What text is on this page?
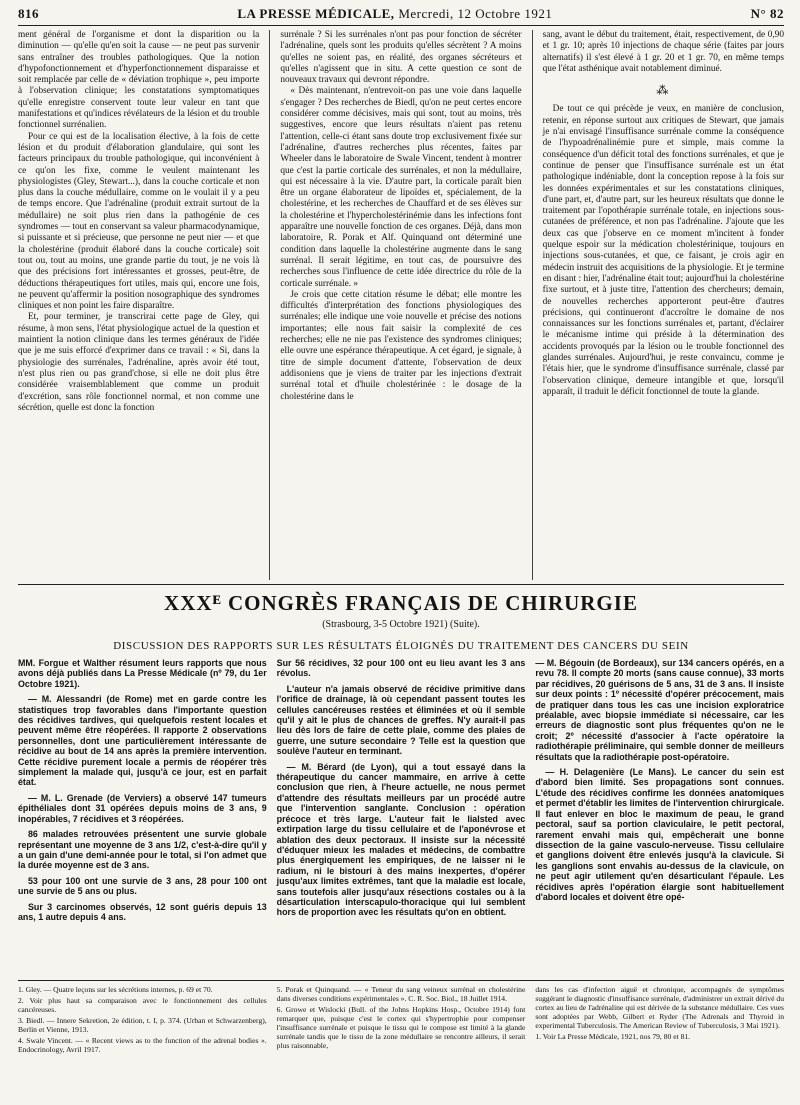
816	LA PRESSE MÉDICALE, Mercredi, 12 Octobre 1921	N° 82

ment général de l'organisme et dont la disparition ou la diminution — qu'elle qu'en soit la cause — ne peut pas survenir sans entraîner des troubles pathologiques. Que la notion d'hypofonctionnement et d'hyperfonctionnement disparaisse et soit remplacée par celle de « déviation trophique », peu importe à l'observation clinique; les constatations symptomatiques qu'elle enregistre conservent toute leur valeur en tant que manifestations et qu'indices révélateurs de la lésion et du trouble fonctionnel surrénalien.

Pour ce qui est de la localisation élective, à la fois de cette lésion et du produit d'élaboration glandulaire, qui sont les facteurs principaux du trouble pathologique, qui inconvénient à ce qu'on les fixe, comme le veulent maintenant les physiologistes (Gley, Stewart...), dans la couche corticale et non plus dans la couche médullaire, comme on le voulait il y a peu de temps encore. Que l'adrénaline (produit extrait surtout de la médullaire) ne soit plus rien dans la pathogénie de ces syndromes — tout en conservant sa valeur pharmacodynamique, si puissante et si précieuse, que personne ne peut nier — et que la cholestérine (produit élaboré dans la couche corticale) soit tout ou, tout au moins, une grande partie du tout, je ne vois là que des précisions fort intéressantes et grosses, peut-être, de déductions thérapeutiques fort utiles, mais qui, encore une fois, ne peuvent qu'affermir la position nosographique des syndromes cliniques et non point les faire disparaître.

Et, pour terminer, je transcrirai cette page de Gley, qui résume, à mon sens, l'état physiologique actuel de la question et maintient la notion clinique dans les termes généraux de l'idée que je me suis efforcé d'exprimer dans ce travail : « Si, dans la physiologie des surrénales, l'adrénaline, après avoir été tout, n'est plus rien ou pas grand'chose, si elle ne doit plus être considérée vraisemblablement que comme un produit d'excrétion, sans rôle fonctionnel normal, et non comme une sécrétion, quelle est donc la fonction

surrénale ? Si les surrénales n'ont pas pour fonction de sécréter l'adrénaline, quels sont les produits qu'elles sécrètent ? A moins qu'elles ne soient pas, en réalité, des organes sécréteurs et qu'elles n'agissent que in situ. A cette question ce sont de nouveaux travaux qui devront répondre.

« Dès maintenant, n'entrevoit-on pas une voie dans laquelle s'engager ? Des recherches de Biedl, qu'on ne peut certes encore considérer comme décisives, mais qui sont, tout au moins, très suggestives, encore que leurs résultats n'aient pas retenu l'attention, celle-ci étant sans doute trop exclusivement fixée sur l'adrénaline, d'autres recherches plus récentes, faites par Wheeler dans le laboratoire de Swale Vincent, tendent à montrer que c'est la partie corticale des surrénales, et non la médullaire, qui est nécessaire à la vie. D'autre part, la corticale paraît bien être un organe élaborateur de lipoïdes et, spécialement, de la cholestérine, et les recherches de Chauffard et de ses élèves sur la cholestérine et l'hypercholestérinémie dans les infections font apparaître une nouvelle fonction de ces organes. Déjà, dans mon laboratoire, R. Porak et Alf. Quinquand ont déterminé une condition dans laquelle la cholestérine augmente dans le sang surrénal. Il serait légitime, en tout cas, de poursuivre des recherches sous l'influence de cette idée directrice du rôle de la corticale surrénale. »

Je crois que cette citation résume le débat; elle montre les difficultés d'interprétation des fonctions physiologiques des surrénales; elle indique une voie nouvelle et précise des notions importantes; elle nous fait saisir la complexité de ces recherches; elle ne nie pas l'existence des syndromes cliniques; elle ouvre une espérance thérapeutique. A cet égard, je signale, à titre de simple document d'attente, l'observation de deux addisoniens que je viens de traiter par les injections d'extrait surrénal total et d'huile cholestérinée : le dosage de la cholestérine dans le

sang, avant le début du traitement, était, respectivement, de 0,90 et 1 gr. 10; après 10 injections de chaque série (faites par jours alternatifs) il s'est élevé à 1 gr. 20 et 1 gr. 70, en même temps que l'état asthénique avait notablement diminué.

⁂

De tout ce qui précède je veux, en manière de conclusion, retenir, en réponse surtout aux critiques de Stewart, que jamais je n'ai envisagé l'insuffisance surrénale comme la conséquence de l'hypoadrénalinémie pure et simple, mais comme la conséquence d'un déficit total des fonctions surrénales, et que je continue de penser que l'insuffisance surrénale est un état pathologique indéniable, dont la conception repose à la fois sur les données expérimentales et sur les constatations cliniques, d'une part, et, d'autre part, sur les heureux résultats que donne le traitement par l'opothérapie surrénale totale, en injections sous-cutanées de préférence, et non pas l'adrénaline. J'ajoute que les deux cas que j'observe en ce moment m'incitent à fonder quelque espoir sur la médication cholestérinique, toujours en injections sous-cutanées, et que, ce faisant, je crois agir en médecin instruit des acquisitions de la physiologie. Et je termine en disant : hier, l'adrénaline était tout; aujourd'hui la cholestérine fixe surtout, et à juste titre, l'attention des chercheurs; demain, de nouvelles recherches apporteront peut-être d'autres précisions, qui continueront d'accroître le domaine de nos connaissances sur les fonctions surrénales et, partant, d'éclairer le mécanisme intime qui préside à la détermination des accidents provoqués par la lésion ou le trouble fonctionnel des glandes surrénales. Aujourd'hui, je reste convaincu, comme je l'étais hier, que le syndrome d'insuffisance surrénale, classé par l'observation clinique, demeure intangible et que, lorsqu'il apparaît, il traduit le déficit fonctionnel de toute la glande.

XXXᴱ CONGRÈS FRANÇAIS DE CHIRURGIE
(Strasbourg, 3-5 Octobre 1921) (Suite).
DISCUSSION DES RAPPORTS SUR LES RÉSULTATS ÉLOIGNÉS DU TRAITEMENT DES CANCERS DU SEIN

MM. Forgue et Walther résument leurs rapports que nous avons déjà publiés dans La Presse Médicale (nº 79, du 1er Octobre 1921).

— M. Alessandri (de Rome) met en garde contre les statistiques trop favorables dans l'importante question des récidives tardives, qui quelquefois restent locales et peuvent même être réopérées. Il rapporte 2 observations personnelles, dont une particulièrement intéressante de récidive au bout de 14 ans après la première intervention. Cette récidive purement locale a permis de réopérer très simplement la malade qui, jusqu'à ce jour, est en parfait état.

— M. L. Grenade (de Verviers) a observé 147 tumeurs épithéliales dont 31 opérées depuis moins de 3 ans, 9 inopérables, 7 récidives et 3 réopérées.

86 malades retrouvées présentent une survie globale représentant une moyenne de 3 ans 1/2, c'est-à-dire qu'il y a un gain d'une demi-année pour le total, si l'on admet que la durée moyenne est de 3 ans.

53 pour 100 ont une survie de 3 ans, 28 pour 100 ont une survie de 5 ans ou plus.

Sur 3 carcinomes observés, 12 sont guéris depuis 13 ans, 1 autre depuis 4 ans.

Sur 56 récidives, 32 pour 100 ont eu lieu avant les 3 ans révolus.

L'auteur n'a jamais observé de récidive primitive dans l'orifice de drainage, là où cependant passent toutes les cellules cancéreuses restées et éliminées et où il semble qu'il y ait le plus de chances de greffes. N'y aurait-il pas lieu dès lors de faire de cette plaie, comme des plaies de guerre, une suture secondaire ? Telle est la question que soulève l'auteur en terminant.

— M. Bérard (de Lyon), qui a tout essayé dans la thérapeutique du cancer mammaire, en arrive à cette conclusion que rien, à l'heure actuelle, ne nous permet d'attendre des résultats meilleurs par un procédé autre que l'intervention sanglante. Conclusion : opération précoce et très large. L'auteur fait le lialsted avec extirpation large du tissu cellulaire et de l'aponévrose et ablation des deux pectoraux. Il insiste sur la nécessité d'éduquer mieux les malades et médecins, de combattre plus énergiquement les empiriques, de ne laisser ni le radium, ni le bistouri à des mains inexpertes, d'opérer jusqu'aux limites extrêmes, tant que la maladie est locale, sans toutefois aller jusqu'aux résections costales ou à la désarticulation interscapulo-thoracique qui lui semblent hors de proportion avec les résultats qu'on en obtient.

— M. Bégouin (de Bordeaux), sur 134 cancers opérés, en a revu 78. Il compte 20 morts (sans cause connue), 33 morts par récidives, 20 guérisons de 5 ans, 31 de 3 ans. Il insiste sur deux points : 1º nécessité d'opérer précocement, mais de pratiquer dans tous les cas une incision exploratrice préalable, avec biopsie immédiate si nécessaire, car les erreurs de diagnostic sont plus fréquentes qu'on ne le croit; 2º nécessité d'associer à l'acte opératoire la radiothérapie préliminaire, qui semble donner de meilleurs résultats que la radiothérapie post-opératoire.

— H. Delagenière (Le Mans). Le cancer du sein est d'abord bien limité. Ses propagations sont connues. L'étude des récidives confirme les données anatomiques et permet d'établir les limites de l'intervention chirurgicale. Il faut enlever en bloc le maximum de peau, le grand pectoral, sauf sa portion claviculaire, le petit pectoral, rarement envahi mais qui, empêcherait une bonne dissection de la gaine vasculo-nerveuse. Tissu cellulaire et ganglions doivent être enlevés jusqu'à la clavicule. Si les ganglions sont envahis au-dessus de la clavicule, on ne peut agir utilement qu'en désarticulant l'épaule. Les récidives après l'opération élargie sont habituellement d'abord locales et doivent être opé-

1. Gley. — Quatre leçons sur les sécrétions internes, p. 69 et 70.

2. Voir plus haut sa comparaison avec le fonctionnement des cellules cancéreuses.

3. Biedl. — Innere Sekretion, 2e édition, t. I, p. 374. (Urban et Schwarzenberg), Berlin et Vienne, 1913.

4. Swale Vincent. — « Recent views as to the function of the adrenal bodies ». Endocrinology, Avril 1917.

5. Porak et Quinquand. — « Teneur du sang veineux surrénal en cholestérine dans diverses conditions expérimentales ». C. R. Soc. Biol., 18 Juillet 1914.

6. Growe et Wislocki (Bull. of the Johns Hopkins Hosp., Octobre 1914) font remarquer que, puisque c'est le cortex qui s'hypertrophie pour compenser l'insuffisance surrénale et puisque le tissu qui le compose est limité à la glande surrénale tandis que le tissu de la zone médullaire se rencontre ailleurs, il serait plus raisonnable,

dans les cas d'infection aiguë et chronique, accompagnés de symptômes suggérant le diagnostic d'insuffisance surrénale, d'administrer un extrait dérivé du cortex au lieu de l'adrénaline qui est dérivée de la substance médullaire. Ces vues sont adoptées par Webb, Gilbert et Ryder (The Adrenals and Thyroid in experimental Tuberculosis. The American Review of Tuberculosis, 3 Mai 1921).

1. Voir La Presse Médicale, 1921, nos 79, 80 et 81.
